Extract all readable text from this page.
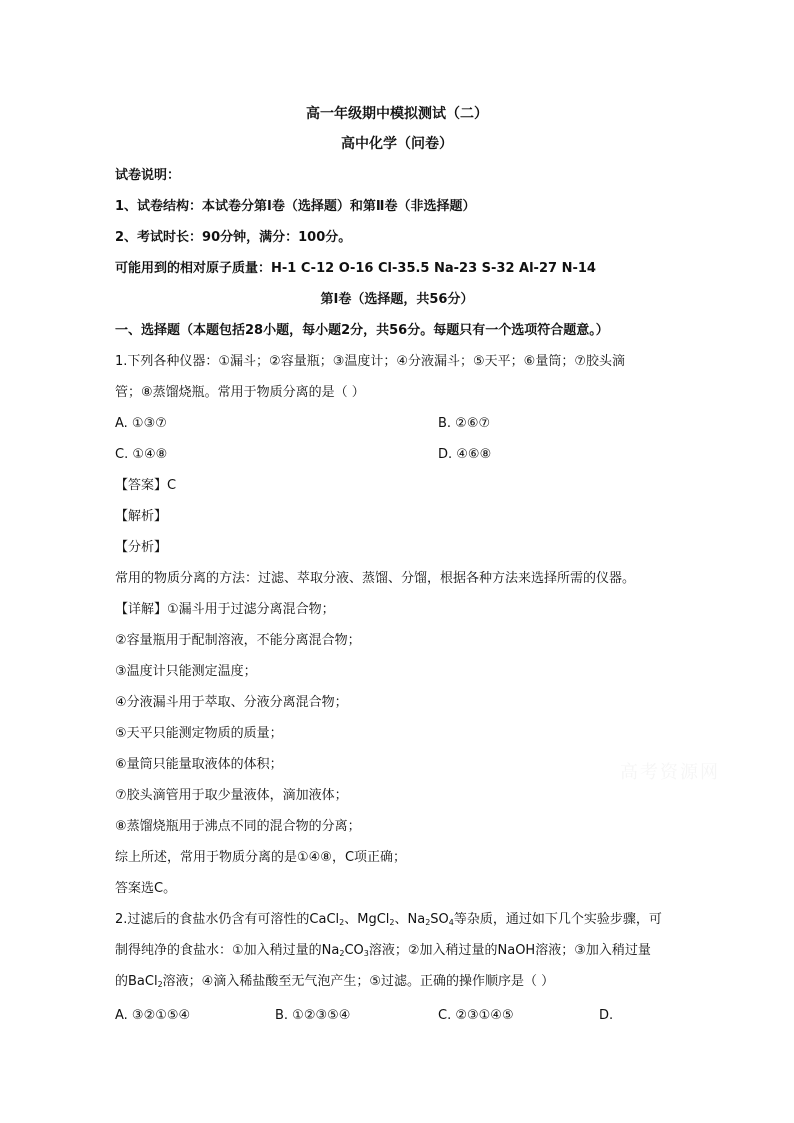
高一年级期中模拟测试（二）
高中化学（问卷）
试卷说明：
1、试卷结构：本试卷分第Ⅰ卷（选择题）和第Ⅱ卷（非选择题）
2、考试时长：90分钟，满分：100分。
可能用到的相对原子质量：H-1 C-12 O-16 Cl-35.5 Na-23 S-32 Al-27 N-14
第Ⅰ卷（选择题，共56分）
一、选择题（本题包括28小题，每小题2分，共56分。每题只有一个选项符合题意。）
1.下列各种仪器：①漏斗；②容量瓶；③温度计；④分液漏斗；⑤天平；⑥量筒；⑦胶头滴
管；⑧蒸馏烧瓶。常用于物质分离的是（ ）
A. ①③⑦	B. ②⑥⑦
C. ①④⑧	D. ④⑥⑧
【答案】C
【解析】
【分析】
常用的物质分离的方法：过滤、萃取分液、蒸馏、分馏，根据各种方法来选择所需的仪器。
【详解】①漏斗用于过滤分离混合物；
②容量瓶用于配制溶液，不能分离混合物；
③温度计只能测定温度；
④分液漏斗用于萃取、分液分离混合物；
⑤天平只能测定物质的质量；
⑥量筒只能量取液体的体积；
⑦胶头滴管用于取少量液体，滴加液体；
⑧蒸馏烧瓶用于沸点不同的混合物的分离；
综上所述，常用于物质分离的是①④⑧，C项正确；
答案选C。
2.过滤后的食盐水仍含有可溶性的CaCl2、MgCl2、Na2SO4等杂质，通过如下几个实验步骤，可
制得纯净的食盐水：①加入稍过量的Na2CO3溶液；②加入稍过量的NaOH溶液；③加入稍过量
的BaCl2溶液；④滴入稀盐酸至无气泡产生；⑤过滤。正确的操作顺序是（ ）
A. ③②①⑤④	B. ①②③⑤④	C. ②③①④⑤	D.
高考资源网
